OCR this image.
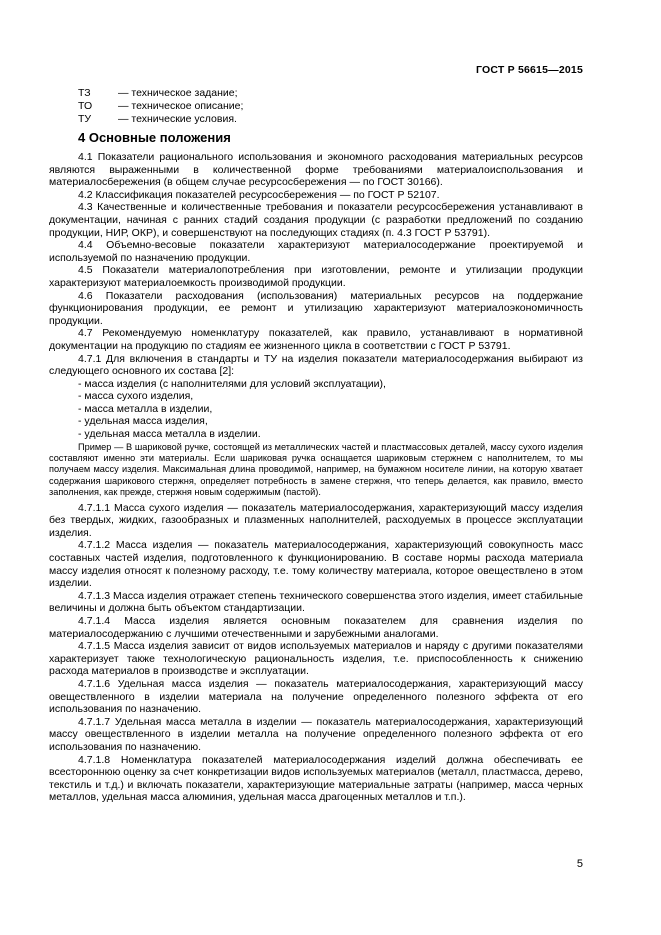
ГОСТ Р 56615—2015
ТЗ	— техническое задание;
ТО — техническое описание;
ТУ	— технические условия.
4 Основные положения

4.1 Показатели рационального использования и экономного расходования материальных ресурсов являются выраженными в количественной форме требованиями материалоиспользования и материалосбережения (в общем случае ресурсосбережения — по ГОСТ 30166).

4.2 Классификация показателей ресурсосбережения — по ГОСТ Р 52107.

4.3 Качественные и количественные требования и показатели ресурсосбережения устанавливают в документации, начиная с ранних стадий создания продукции (с разработки предложений по созданию продукции, НИР, ОКР), и совершенствуют на последующих стадиях (п. 4.3 ГОСТ Р 53791).

4.4 Объемно-весовые показатели характеризуют материалосодержание проектируемой и используемой по назначению продукции.

4.5 Показатели материалопотребления при изготовлении, ремонте и утилизации продукции характеризуют материалоемкость производимой продукции.

4.6 Показатели расходования (использования) материальных ресурсов на поддержание функционирования продукции, ее ремонт и утилизацию характеризуют материалоэкономичность продукции.

4.7 Рекомендуемую номенклатуру показателей, как правило, устанавливают в нормативной документации на продукцию по стадиям ее жизненного цикла в соответствии с ГОСТ Р 53791.

4.7.1 Для включения в стандарты и ТУ на изделия показатели материалосодержания выбирают из следующего основного их состава [2]:

- масса изделия (с наполнителями для условий эксплуатации),

- масса сухого изделия,

- масса металла в изделии,

- удельная масса изделия,

- удельная масса металла в изделии.

Пример — В шариковой ручке, состоящей из металлических частей и пластмассовых деталей, массу сухого изделия составляют именно эти материалы. Если шариковая ручка оснащается шариковым стержнем с наполнителем, то мы получаем массу изделия. Максимальная длина проводимой, например, на бумажном носителе линии, на которую хватает содержания шарикового стержня, определяет потребность в замене стержня, что теперь делается, как правило, вместо заполнения, как прежде, стержня новым содержимым (пастой).

4.7.1.1 Масса сухого изделия — показатель материалосодержания, характеризующий массу изделия без твердых, жидких, газообразных и плазменных наполнителей, расходуемых в процессе эксплуатации изделия.

4.7.1.2 Масса изделия — показатель материалосодержания, характеризующий совокупность масс составных частей изделия, подготовленного к функционированию. В составе нормы расхода материала массу изделия относят к полезному расходу, т.е. тому количеству материала, которое овеществлено в этом изделии.

4.7.1.3 Масса изделия отражает степень технического совершенства этого изделия, имеет стабильные величины и должна быть объектом стандартизации.

4.7.1.4 Масса изделия является основным показателем для сравнения изделия по материалосодержанию с лучшими отечественными и зарубежными аналогами.

4.7.1.5 Масса изделия зависит от видов используемых материалов и наряду с другими показателями характеризует также технологическую рациональность изделия, т.е. приспособленность к снижению расхода материалов в производстве и эксплуатации.

4.7.1.6 Удельная масса изделия — показатель материалосодержания, характеризующий массу овеществленного в изделии материала на получение определенного полезного эффекта от его использования по назначению.

4.7.1.7 Удельная масса металла в изделии — показатель материалосодержания, характеризующий массу овеществленного в изделии металла на получение определенного полезного эффекта от его использования по назначению.

4.7.1.8 Номенклатура показателей материалосодержания изделий должна обеспечивать ее всестороннюю оценку за счет конкретизации видов используемых материалов (металл, пластмасса, дерево, текстиль и т.д.) и включать показатели, характеризующие материальные затраты (например, масса черных металлов, удельная масса алюминия, удельная масса драгоценных металлов и т.п.).

5
